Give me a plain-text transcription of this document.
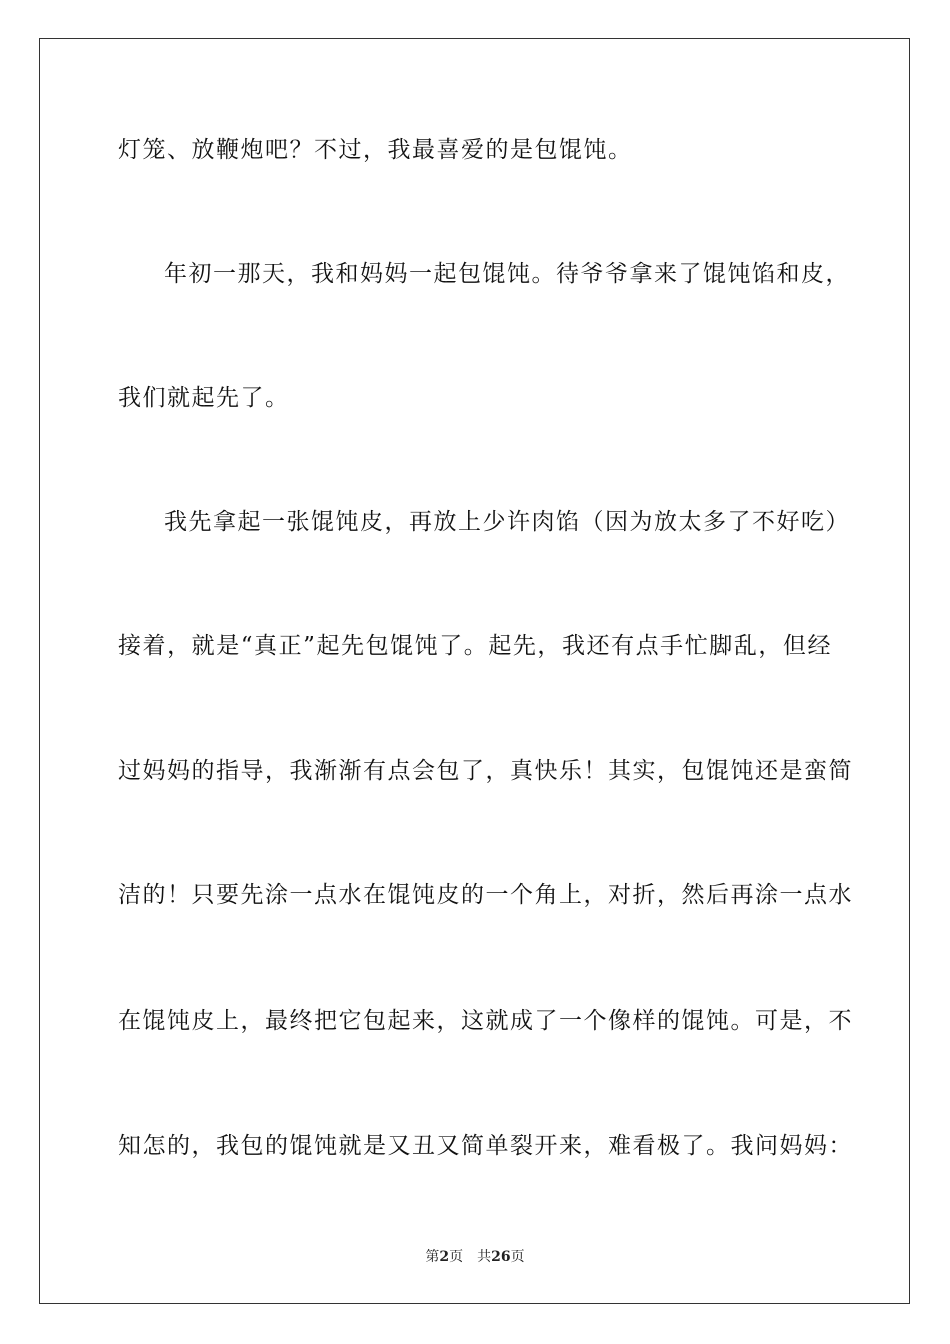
灯笼、放鞭炮吧？不过，我最喜爱的是包馄饨。
年初一那天，我和妈妈一起包馄饨。待爷爷拿来了馄饨馅和皮，
我们就起先了。
我先拿起一张馄饨皮，再放上少许肉馅（因为放太多了不好吃）
接着，就是“真正”起先包馄饨了。起先，我还有点手忙脚乱，但经
过妈妈的指导，我渐渐有点会包了，真快乐！其实，包馄饨还是蛮简
洁的！只要先涂一点水在馄饨皮的一个角上，对折，然后再涂一点水
在馄饨皮上，最终把它包起来，这就成了一个像样的馄饨。可是，不
知怎的，我包的馄饨就是又丑又简单裂开来，难看极了。我问妈妈：
第2页 共26页
